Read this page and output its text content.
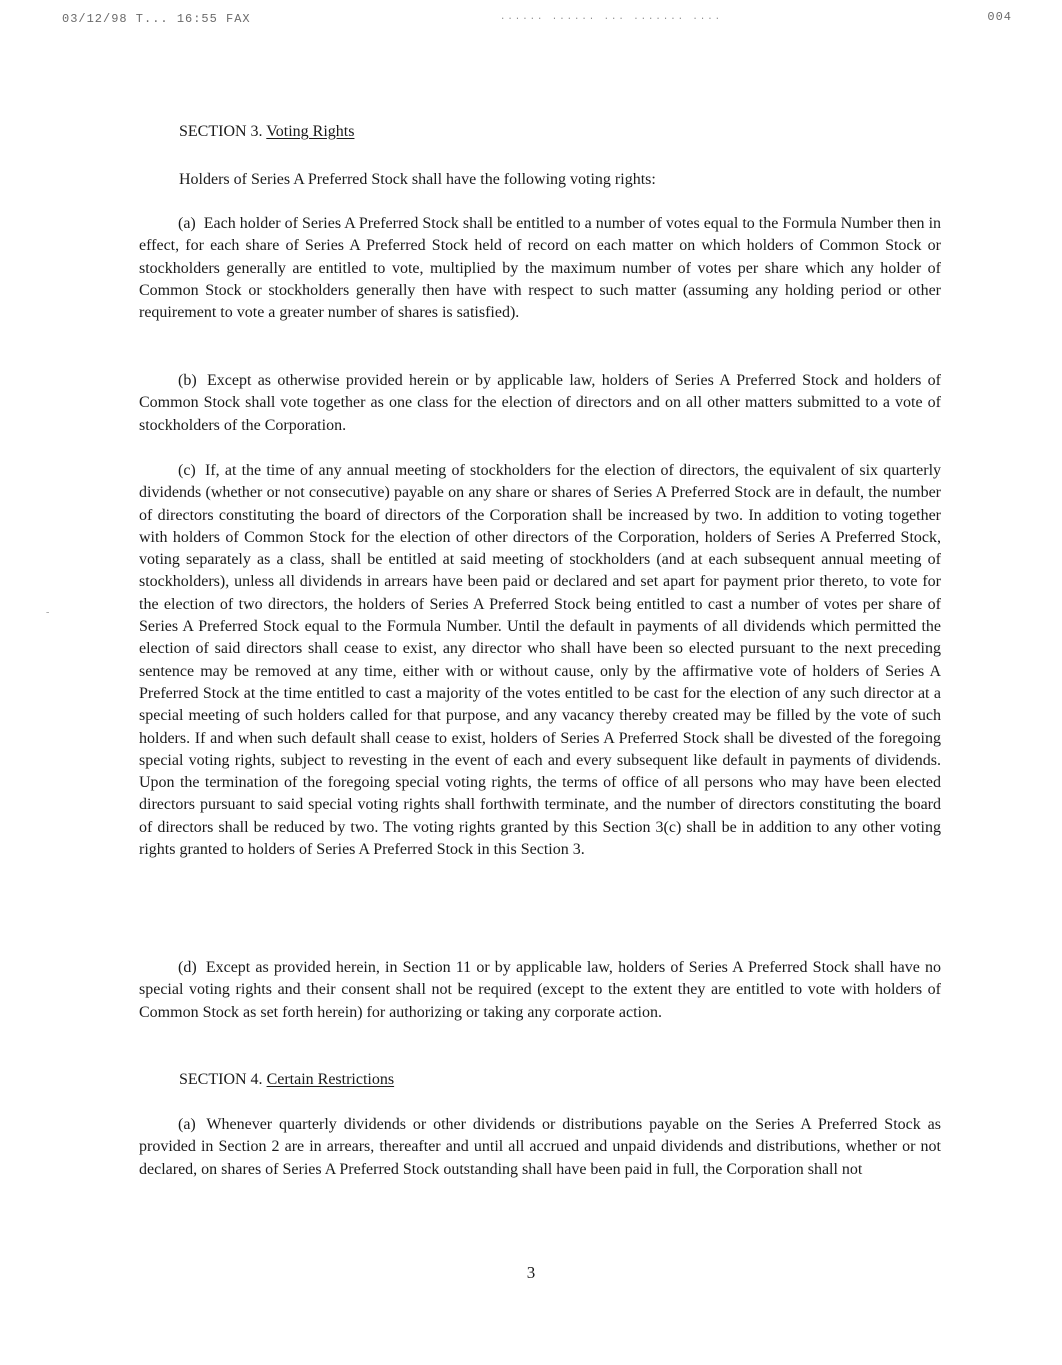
03/12/98 T... 16:55 FAX	...... ...... ... ....... ....	004
SECTION 3. Voting Rights
Holders of Series A Preferred Stock shall have the following voting rights:

(a) Each holder of Series A Preferred Stock shall be entitled to a number of votes equal to the Formula Number then in effect, for each share of Series A Preferred Stock held of record on each matter on which holders of Common Stock or stockholders generally are entitled to vote, multiplied by the maximum number of votes per share which any holder of Common Stock or stockholders generally then have with respect to such matter (assuming any holding period or other requirement to vote a greater number of shares is satisfied).

(b) Except as otherwise provided herein or by applicable law, holders of Series A Preferred Stock and holders of Common Stock shall vote together as one class for the election of directors and on all other matters submitted to a vote of stockholders of the Corporation.

(c) If, at the time of any annual meeting of stockholders for the election of directors, the equivalent of six quarterly dividends (whether or not consecutive) payable on any share or shares of Series A Preferred Stock are in default, the number of directors constituting the board of directors of the Corporation shall be increased by two. In addition to voting together with holders of Common Stock for the election of other directors of the Corporation, holders of Series A Preferred Stock, voting separately as a class, shall be entitled at said meeting of stockholders (and at each subsequent annual meeting of stockholders), unless all dividends in arrears have been paid or declared and set apart for payment prior thereto, to vote for the election of two directors, the holders of Series A Preferred Stock being entitled to cast a number of votes per share of Series A Preferred Stock equal to the Formula Number. Until the default in payments of all dividends which permitted the election of said directors shall cease to exist, any director who shall have been so elected pursuant to the next preceding sentence may be removed at any time, either with or without cause, only by the affirmative vote of holders of Series A Preferred Stock at the time entitled to cast a majority of the votes entitled to be cast for the election of any such director at a special meeting of such holders called for that purpose, and any vacancy thereby created may be filled by the vote of such holders. If and when such default shall cease to exist, holders of Series A Preferred Stock shall be divested of the foregoing special voting rights, subject to revesting in the event of each and every subsequent like default in payments of dividends. Upon the termination of the foregoing special voting rights, the terms of office of all persons who may have been elected directors pursuant to said special voting rights shall forthwith terminate, and the number of directors constituting the board of directors shall be reduced by two. The voting rights granted by this Section 3(c) shall be in addition to any other voting rights granted to holders of Series A Preferred Stock in this Section 3.

(d) Except as provided herein, in Section 11 or by applicable law, holders of Series A Preferred Stock shall have no special voting rights and their consent shall not be required (except to the extent they are entitled to vote with holders of Common Stock as set forth herein) for authorizing or taking any corporate action.

SECTION 4. Certain Restrictions

(a) Whenever quarterly dividends or other dividends or distributions payable on the Series A Preferred Stock as provided in Section 2 are in arrears, thereafter and until all accrued and unpaid dividends and distributions, whether or not declared, on shares of Series A Preferred Stock outstanding shall have been paid in full, the Corporation shall not

-
3
